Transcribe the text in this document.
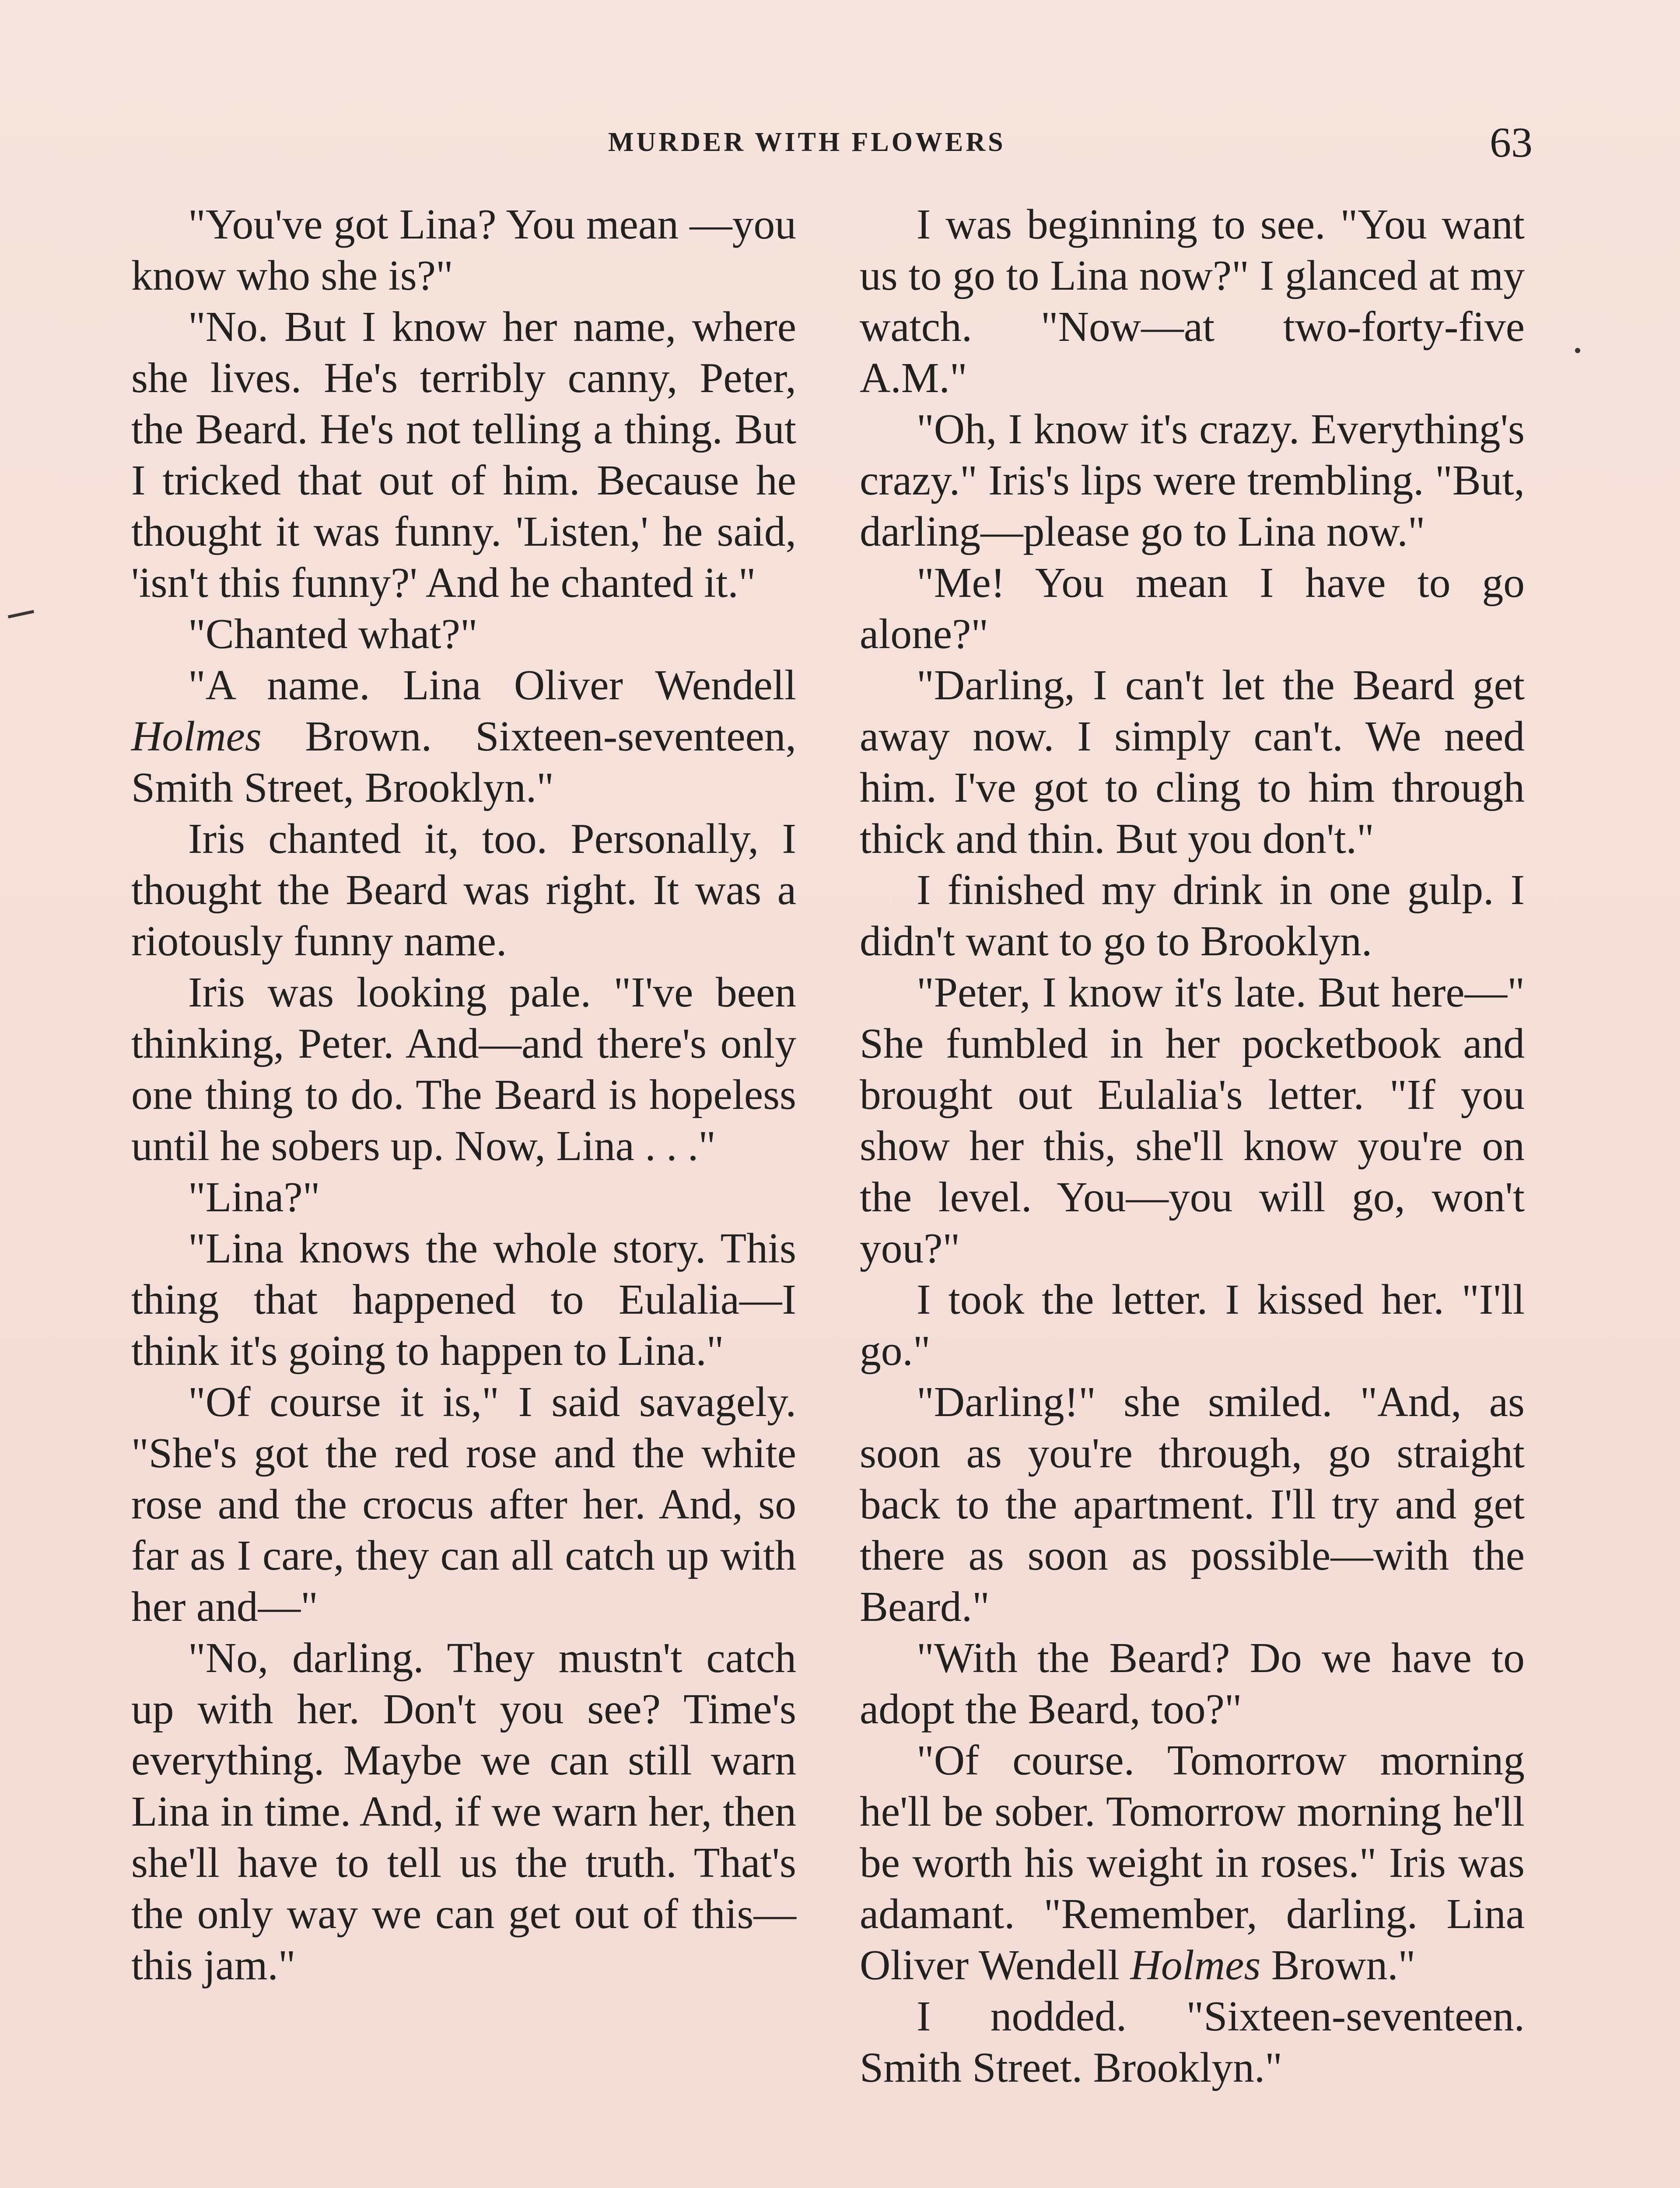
MURDER WITH FLOWERS	63

"You've got Lina? You mean —you know who she is?"

"No. But I know her name, where she lives. He's terribly canny, Peter, the Beard. He's not telling a thing. But I tricked that out of him. Because he thought it was funny. 'Listen,' he said, 'isn't this funny?' And he chanted it."

"Chanted what?"

"A name. Lina Oliver Wendell Holmes Brown. Sixteen-seventeen, Smith Street, Brooklyn."

Iris chanted it, too. Personally, I thought the Beard was right. It was a riotously funny name.

Iris was looking pale. "I've been thinking, Peter. And—and there's only one thing to do. The Beard is hopeless until he sobers up. Now, Lina . . ."

"Lina?"

"Lina knows the whole story. This thing that happened to Eulalia—I think it's going to happen to Lina."

"Of course it is," I said savagely. "She's got the red rose and the white rose and the crocus after her. And, so far as I care, they can all catch up with her and—"

"No, darling. They mustn't catch up with her. Don't you see? Time's everything. Maybe we can still warn Lina in time. And, if we warn her, then she'll have to tell us the truth. That's the only way we can get out of this—this jam."

I was beginning to see. "You want us to go to Lina now?" I glanced at my watch. "Now—at two-forty-five A.M."

"Oh, I know it's crazy. Everything's crazy." Iris's lips were trembling. "But, darling—please go to Lina now."

"Me! You mean I have to go alone?"

"Darling, I can't let the Beard get away now. I simply can't. We need him. I've got to cling to him through thick and thin. But you don't."

I finished my drink in one gulp. I didn't want to go to Brooklyn.

"Peter, I know it's late. But here—" She fumbled in her pocketbook and brought out Eulalia's letter. "If you show her this, she'll know you're on the level. You—you will go, won't you?"

I took the letter. I kissed her. "I'll go."

"Darling!" she smiled. "And, as soon as you're through, go straight back to the apartment. I'll try and get there as soon as possible—with the Beard."

"With the Beard? Do we have to adopt the Beard, too?"

"Of course. Tomorrow morning he'll be sober. Tomorrow morning he'll be worth his weight in roses." Iris was adamant. "Remember, darling. Lina Oliver Wendell Holmes Brown."

I nodded. "Sixteen-seventeen. Smith Street. Brooklyn."
